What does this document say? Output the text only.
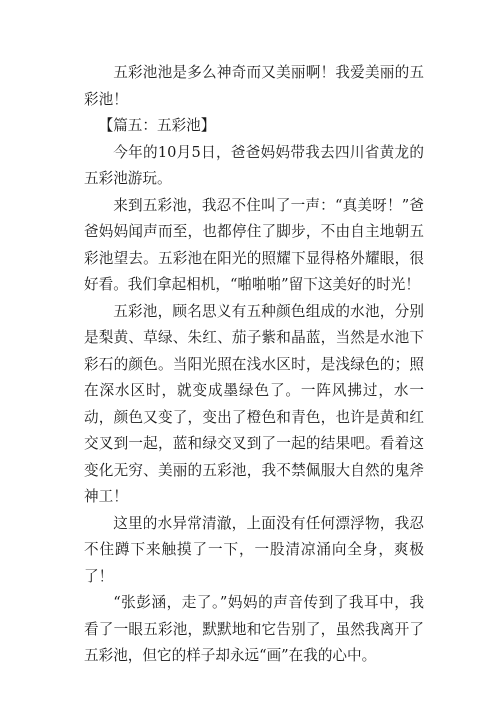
五彩池池是多么神奇而又美丽啊！我爱美丽的五彩池！

【篇五：五彩池】

今年的10月5日，爸爸妈妈带我去四川省黄龙的五彩池游玩。

来到五彩池，我忍不住叫了一声：“真美呀！”爸爸妈妈闻声而至，也都停住了脚步，不由自主地朝五彩池望去。五彩池在阳光的照耀下显得格外耀眼，很好看。我们拿起相机，“啪啪啪”留下这美好的时光！

五彩池，顾名思义有五种颜色组成的水池，分别是梨黄、草绿、朱红、茄子紫和晶蓝，当然是水池下彩石的颜色。当阳光照在浅水区时，是浅绿色的；照在深水区时，就变成墨绿色了。一阵风拂过，水一动，颜色又变了，变出了橙色和青色，也许是黄和红交叉到一起，蓝和绿交叉到了一起的结果吧。看着这变化无穷、美丽的五彩池，我不禁佩服大自然的鬼斧神工！

这里的水异常清澈，上面没有任何漂浮物，我忍不住蹲下来触摸了一下，一股清凉涌向全身，爽极了！

“张彭涵，走了。”妈妈的声音传到了我耳中，我看了一眼五彩池，默默地和它告别了，虽然我离开了五彩池，但它的样子却永远“画”在我的心中。
